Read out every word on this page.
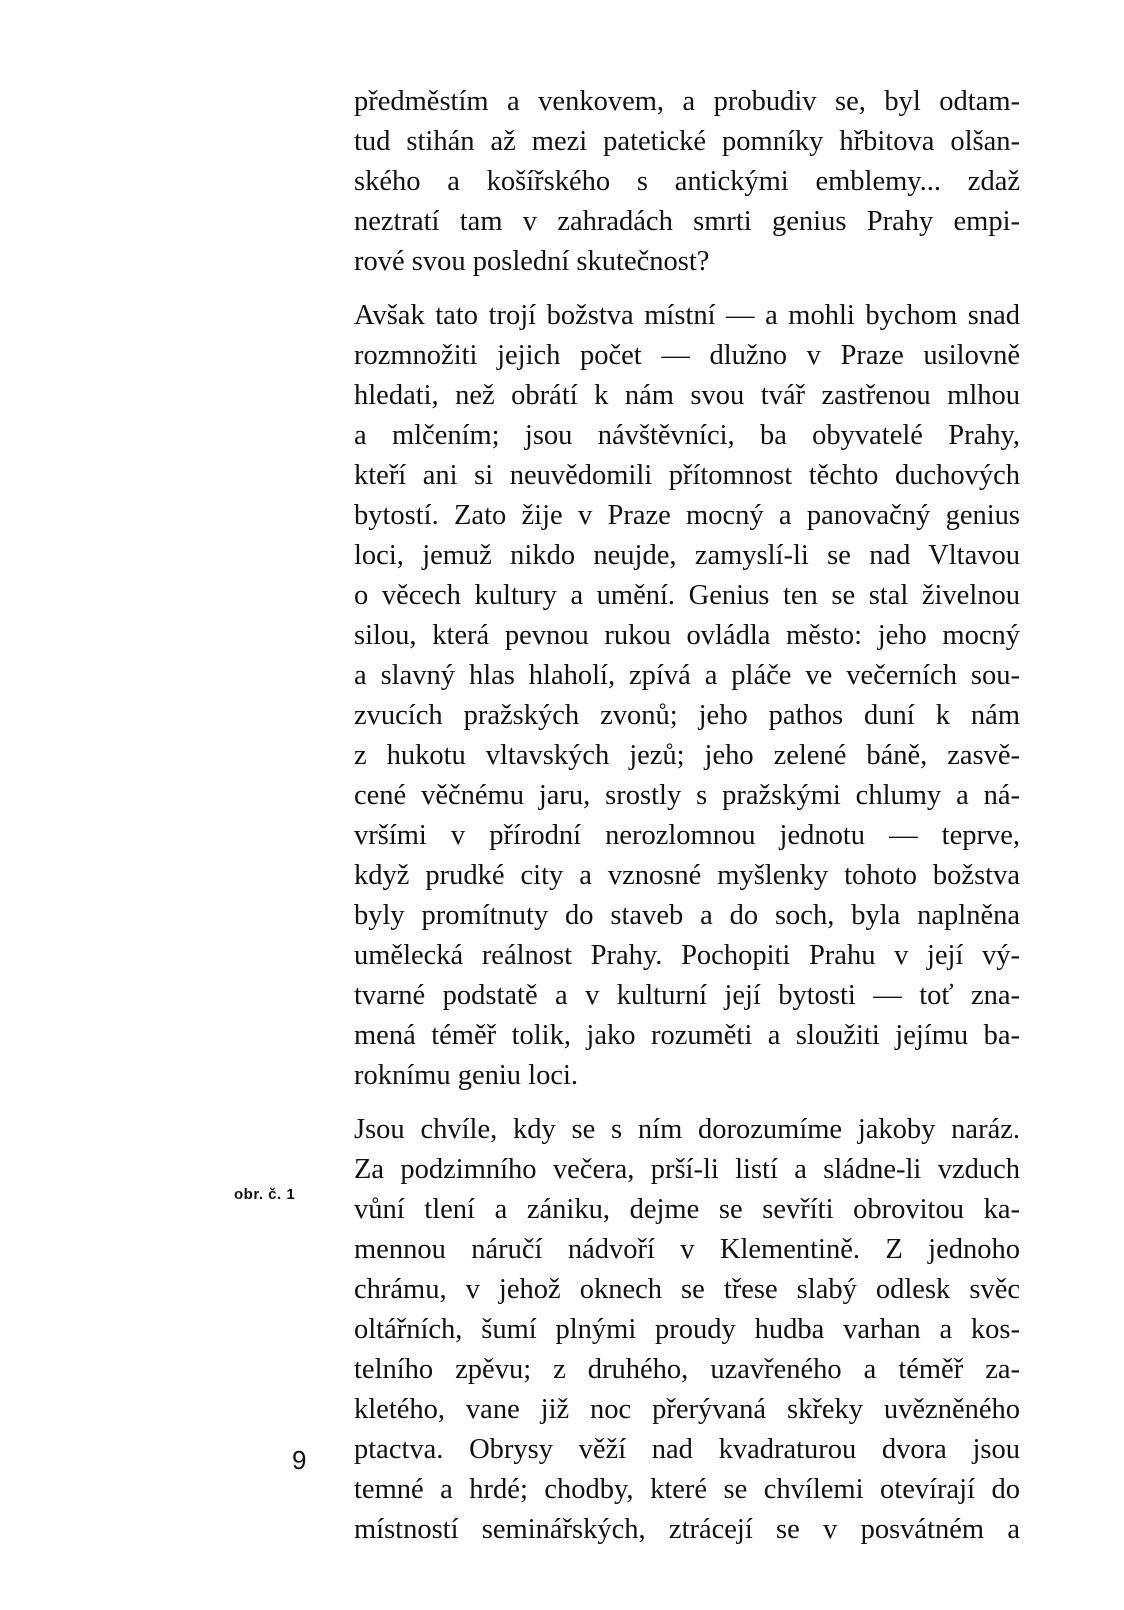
předměstím a venkovem, a probudiv se, byl odtam-
tud stihán až mezi patetické pomníky hřbitova olšan-
ského a košířského s antickými emblemy... zdaž
neztratí tam v zahradách smrti genius Prahy empi-
rové svou poslední skutečnost?
Avšak tato trojí božstva místní — a mohli bychom snad
rozmnožiti jejich počet — dlužno v Praze usilovně
hledati, než obrátí k nám svou tvář zastřenou mlhou
a mlčením; jsou návštěvníci, ba obyvatelé Prahy,
kteří ani si neuvědomili přítomnost těchto duchových
bytostí. Zato žije v Praze mocný a panovačný genius
loci, jemuž nikdo neujde, zamyslí-li se nad Vltavou
o věcech kultury a umění. Genius ten se stal živelnou
silou, která pevnou rukou ovládla město: jeho mocný
a slavný hlas hlaholí, zpívá a pláče ve večerních sou-
zvucích pražských zvonů; jeho pathos duní k nám
z hukotu vltavských jezů; jeho zelené báně, zasvě-
cené věčnému jaru, srostly s pražskými chlumy a ná-
vršími v přírodní nerozlomnou jednotu — teprve,
když prudké city a vznosné myšlenky tohoto božstva
byly promítnuty do staveb a do soch, byla naplněna
umělecká reálnost Prahy. Pochopiti Prahu v její vý-
tvarné podstatě a v kulturní její bytosti — toť zna-
mená téměř tolik, jako rozuměti a sloužiti jejímu ba-
roknímu geniu loci.
Jsou chvíle, kdy se s ním dorozumíme jakoby naráz.
Za podzimního večera, prší-li listí a sládne-li vzduch
vůní tlení a zániku, dejme se sevříti obrovitou ka-
mennou náručí nádvoří v Klementině. Z jednoho
chrámu, v jehož oknech se třese slabý odlesk svěc
oltářních, šumí plnými proudy hudba varhan a kos-
telního zpěvu; z druhého, uzavřeného a téměř za-
kletého, vane již noc přerývaná skřeky uvězněného
ptactva. Obrysy věží nad kvadraturou dvora jsou
temné a hrdé; chodby, které se chvílemi otevírají do
místností seminářských, ztrácejí se v posvátném a
obr. č. 1
9
